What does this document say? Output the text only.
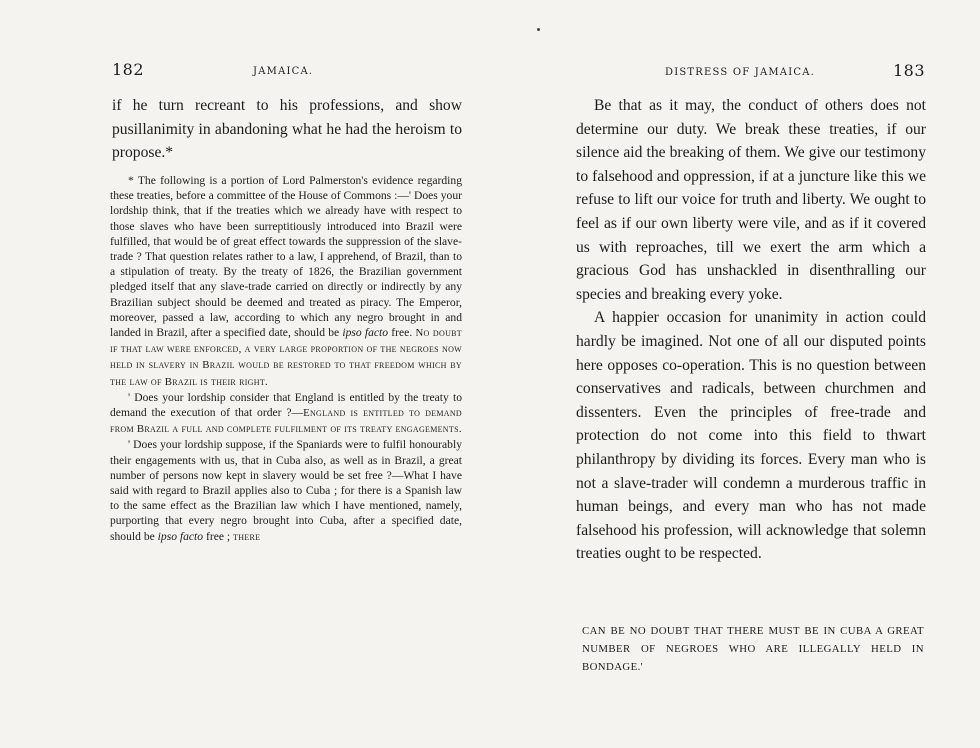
182	JAMAICA.

if he turn recreant to his professions, and show pusillanimity in abandoning what he had the heroism to propose.*

* The following is a portion of Lord Palmerston's evidence regarding these treaties, before a committee of the House of Commons :—' Does your lordship think, that if the treaties which we already have with respect to those slaves who have been surreptitiously introduced into Brazil were fulfilled, that would be of great effect towards the suppression of the slave-trade ? That question relates rather to a law, I apprehend, of Brazil, than to a stipulation of treaty. By the treaty of 1826, the Brazilian government pledged itself that any slave-trade carried on directly or indirectly by any Brazilian subject should be deemed and treated as piracy. The Emperor, moreover, passed a law, according to which any negro brought in and landed in Brazil, after a specified date, should be ipso facto free. No doubt if that law were enforced, a very large proportion of the negroes now held in slavery in Brazil would be restored to that freedom which by the law of Brazil is their right.

' Does your lordship consider that England is entitled by the treaty to demand the execution of that order ?—England is entitled to demand from Brazil a full and complete fulfilment of its treaty engagements.

' Does your lordship suppose, if the Spaniards were to fulfil honourably their engagements with us, that in Cuba also, as well as in Brazil, a great number of persons now kept in slavery would be set free ?—What I have said with regard to Brazil applies also to Cuba ; for there is a Spanish law to the same effect as the Brazilian law which I have mentioned, namely, purporting that every negro brought into Cuba, after a specified date, should be ipso facto free ; there

DISTRESS OF JAMAICA.	183

Be that as it may, the conduct of others does not determine our duty. We break these treaties, if our silence aid the breaking of them. We give our testimony to falsehood and oppression, if at a juncture like this we refuse to lift our voice for truth and liberty. We ought to feel as if our own liberty were vile, and as if it covered us with reproaches, till we exert the arm which a gracious God has unshackled in disenthralling our species and breaking every yoke.

A happier occasion for unanimity in action could hardly be imagined. Not one of all our disputed points here opposes co-operation. This is no question between conservatives and radicals, between churchmen and dissenters. Even the principles of free-trade and protection do not come into this field to thwart philanthropy by dividing its forces. Every man who is not a slave-trader will condemn a murderous traffic in human beings, and every man who has not made falsehood his profession, will acknowledge that solemn treaties ought to be respected.

CAN BE NO DOUBT THAT THERE MUST BE IN CUBA A GREAT NUMBER OF NEGROES WHO ARE ILLEGALLY HELD IN BONDAGE.'
